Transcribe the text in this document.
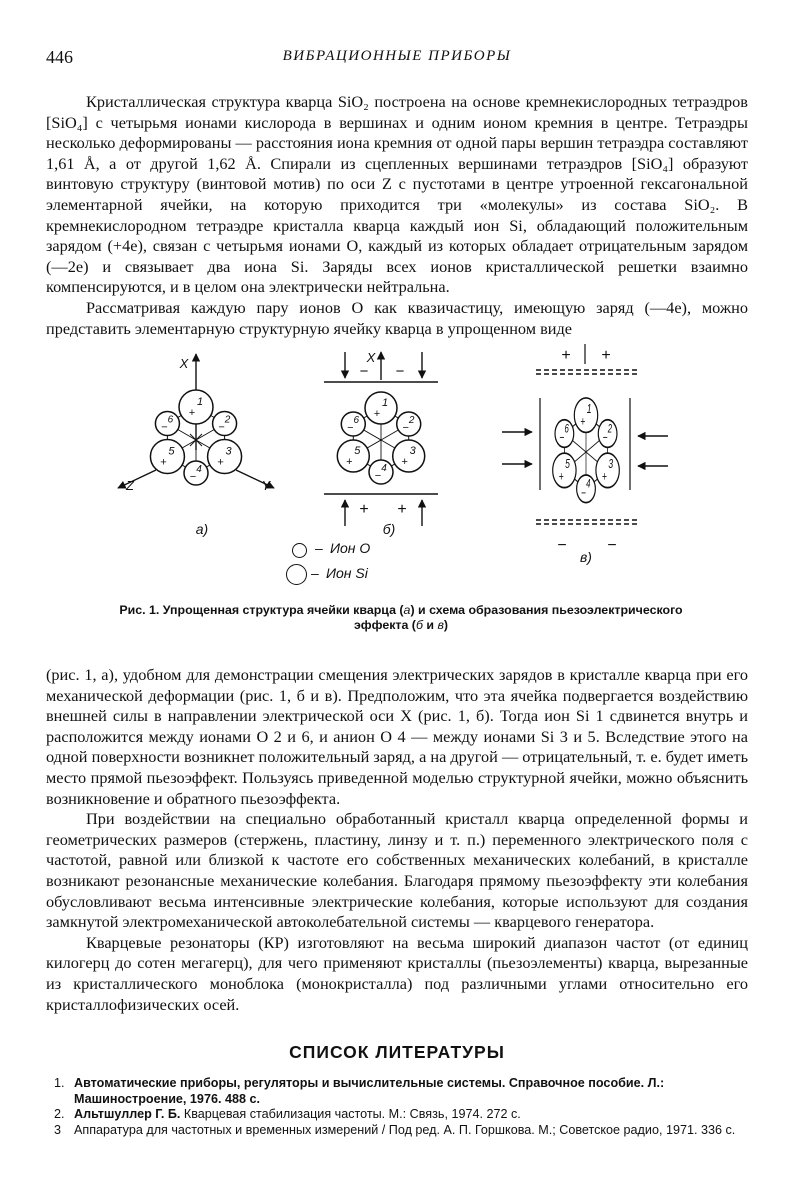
446	ВИБРАЦИОННЫЕ ПРИБОРЫ

Кристаллическая структура кварца SiO₂ построена на основе кремнекислородных тетраэдров [SiO₄] с четырьмя ионами кислорода в вершинах и одним ионом кремния в центре. Тетраэдры несколько деформированы — расстояния иона кремния от одной пары вершин тетраэдра составляют 1,61 Å, а от другой 1,62 Å. Спирали из сцепленных вершинами тетраэдров [SiO₄] образуют винтовую структуру (винтовой мотив) по оси Z с пустотами в центре утроенной гексагональной элементарной ячейки, на которую приходится три «молекулы» из состава SiO₂. В кремнекислородном тетраэдре кристалла кварца каждый ион Si, обладающий положительным зарядом (+4e), связан с четырьмя ионами O, каждый из которых обладает отрицательным зарядом (—2e) и связывает два иона Si. Заряды всех ионов кристаллической решетки взаимно компенсируются, и в целом она электрически нейтральна.

Рассматривая каждую пару ионов O как квазичастицу, имеющую заряд (—4e), можно представить элементарную структурную ячейку кварца в упрощенном виде

X
Y
Z
1
+
2
−
3
+
4
−
5
+
6
−
а)
X
− −
1
+
2
−
3
+
4
−
5
+
6
−
+ +
б)
+ +
1
+
2
−
3
+
4
−
5
+
6
−
−	−
в)
– Ион O
– Ион Si
Рис. 1. Упрощенная структура ячейки кварца (а) и схема образования пьезоэлектрического эффекта (б и в)

(рис. 1, а), удобном для демонстрации смещения электрических зарядов в кристалле кварца при его механической деформации (рис. 1, б и в). Предположим, что эта ячейка подвергается воздействию внешней силы в направлении электрической оси X (рис. 1, б). Тогда ион Si 1 сдвинется внутрь и расположится между ионами O 2 и 6, и анион O 4 — между ионами Si 3 и 5. Вследствие этого на одной поверхности возникнет положительный заряд, а на другой — отрицательный, т. е. будет иметь место прямой пьезоэффект. Пользуясь приведенной моделью структурной ячейки, можно объяснить возникновение и обратного пьезоэффекта.

При воздействии на специально обработанный кристалл кварца определенной формы и геометрических размеров (стержень, пластину, линзу и т. п.) переменного электрического поля с частотой, равной или близкой к частоте его собственных механических колебаний, в кристалле возникают резонансные механические колебания. Благодаря прямому пьезоэффекту эти колебания обусловливают весьма интенсивные электрические колебания, которые используют для создания замкнутой электромеханической автоколебательной системы — кварцевого генератора.

Кварцевые резонаторы (КР) изготовляют на весьма широкий диапазон частот (от единиц килогерц до сотен мегагерц), для чего применяют кристаллы (пьезоэлементы) кварца, вырезанные из кристаллического моноблока (монокристалла) под различными углами относительно его кристаллофизических осей.

СПИСОК ЛИТЕРАТУРЫ
1. Автоматические приборы, регуляторы и вычислительные системы. Справочное пособие. Л.: Машиностроение, 1976. 488 с.
2. Альтшуллер Г. Б. Кварцевая стабилизация частоты. М.: Связь, 1974. 272 с.
3 Аппаратура для частотных и временных измерений / Под ред. А. П. Горшкова. М.; Советское радио, 1971. 336 с.
